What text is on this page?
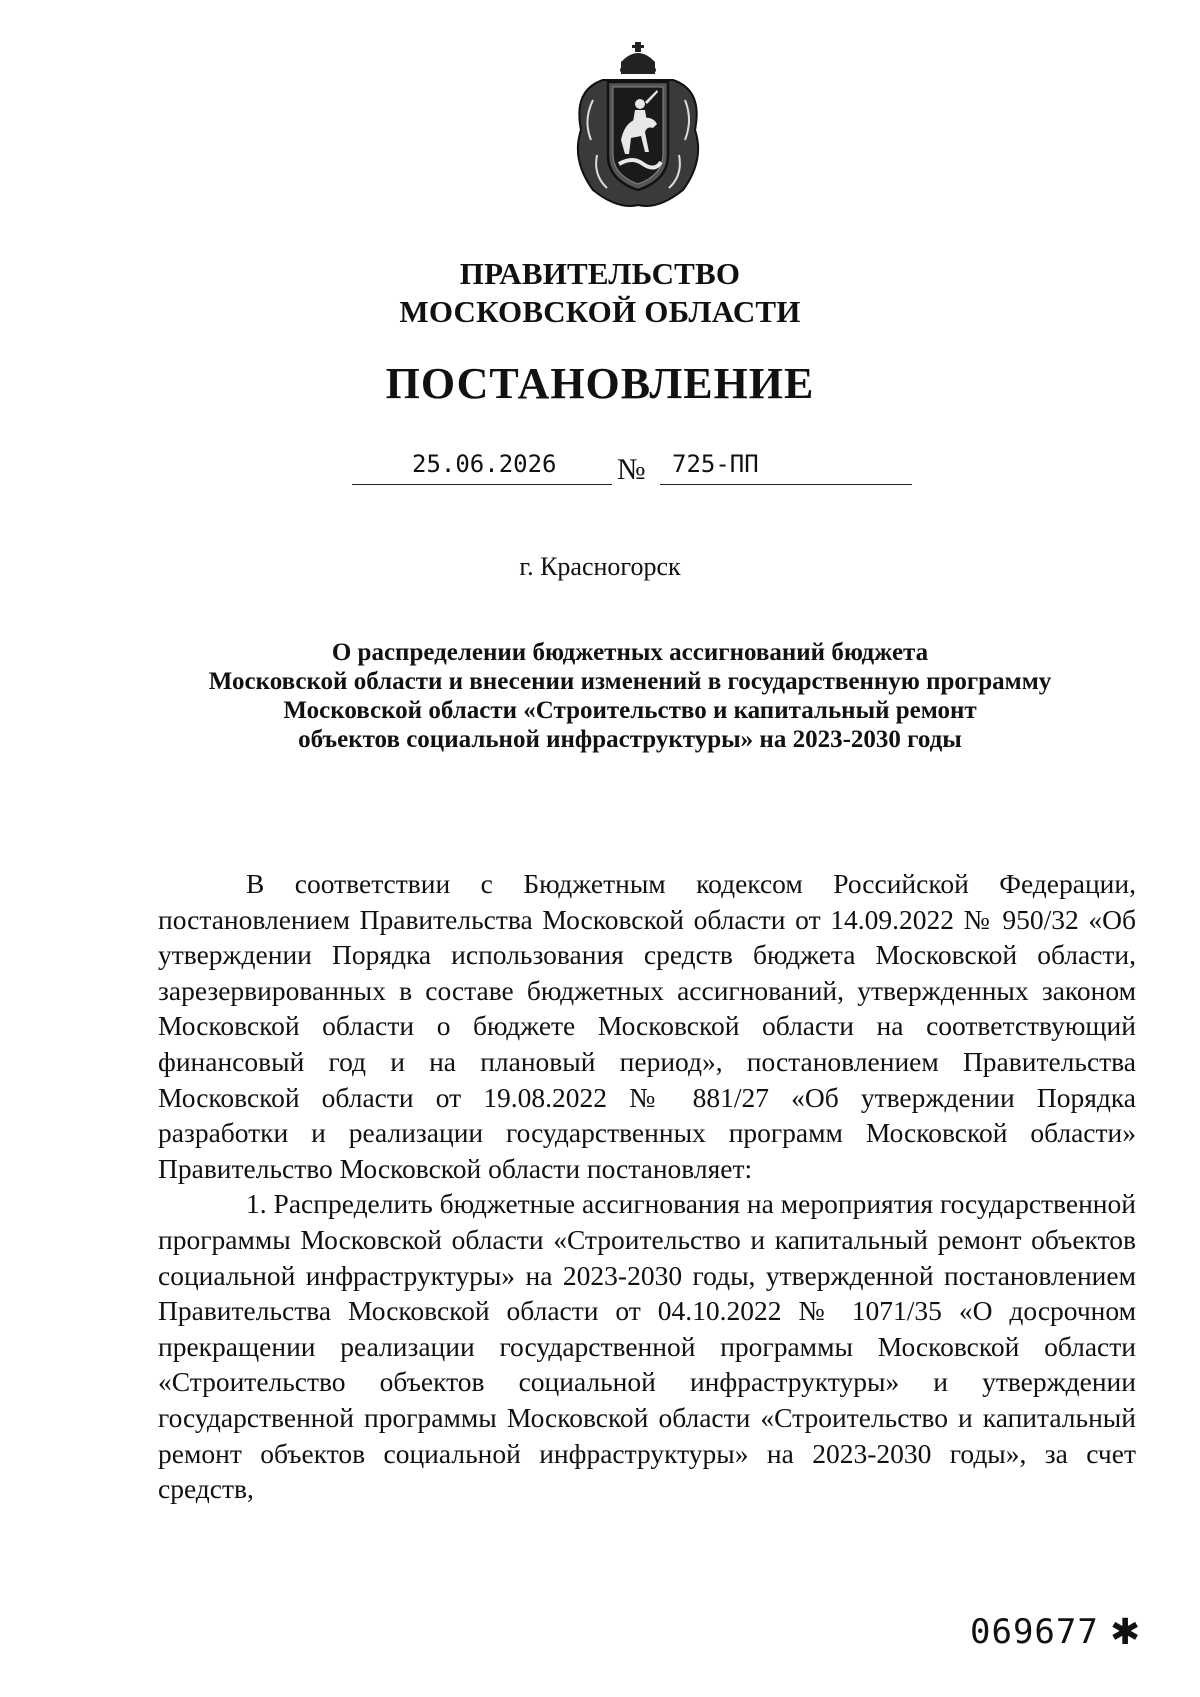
ПРАВИТЕЛЬСТВО
МОСКОВСКОЙ ОБЛАСТИ
ПОСТАНОВЛЕНИЕ
25.06.2026 № 725-ПП
г. Красногорск
О распределении бюджетных ассигнований бюджета
Московской области и внесении изменений в государственную программу
Московской области «Строительство и капитальный ремонт
объектов социальной инфраструктуры» на 2023-2030 годы

В соответствии с Бюджетным кодексом Российской Федерации, постановлением Правительства Московской области от 14.09.2022 № 950/32 «Об утверждении Порядка использования средств бюджета Московской области, зарезервированных в составе бюджетных ассигнований, утвержденных законом Московской области о бюджете Московской области на соответствующий финансовый год и на плановый период», постановлением Правительства Московской области от 19.08.2022 № 881/27 «Об утверждении Порядка разработки и реализации государственных программ Московской области» Правительство Московской области постановляет:

1. Распределить бюджетные ассигнования на мероприятия государственной программы Московской области «Строительство и капитальный ремонт объектов социальной инфраструктуры» на 2023-2030 годы, утвержденной постановлением Правительства Московской области от 04.10.2022 № 1071/35 «О досрочном прекращении реализации государственной программы Московской области «Строительство объектов социальной инфраструктуры» и утверждении государственной программы Московской области «Строительство и капитальный ремонт объектов социальной инфраструктуры» на 2023-2030 годы», за счет средств,

069677 ✱
